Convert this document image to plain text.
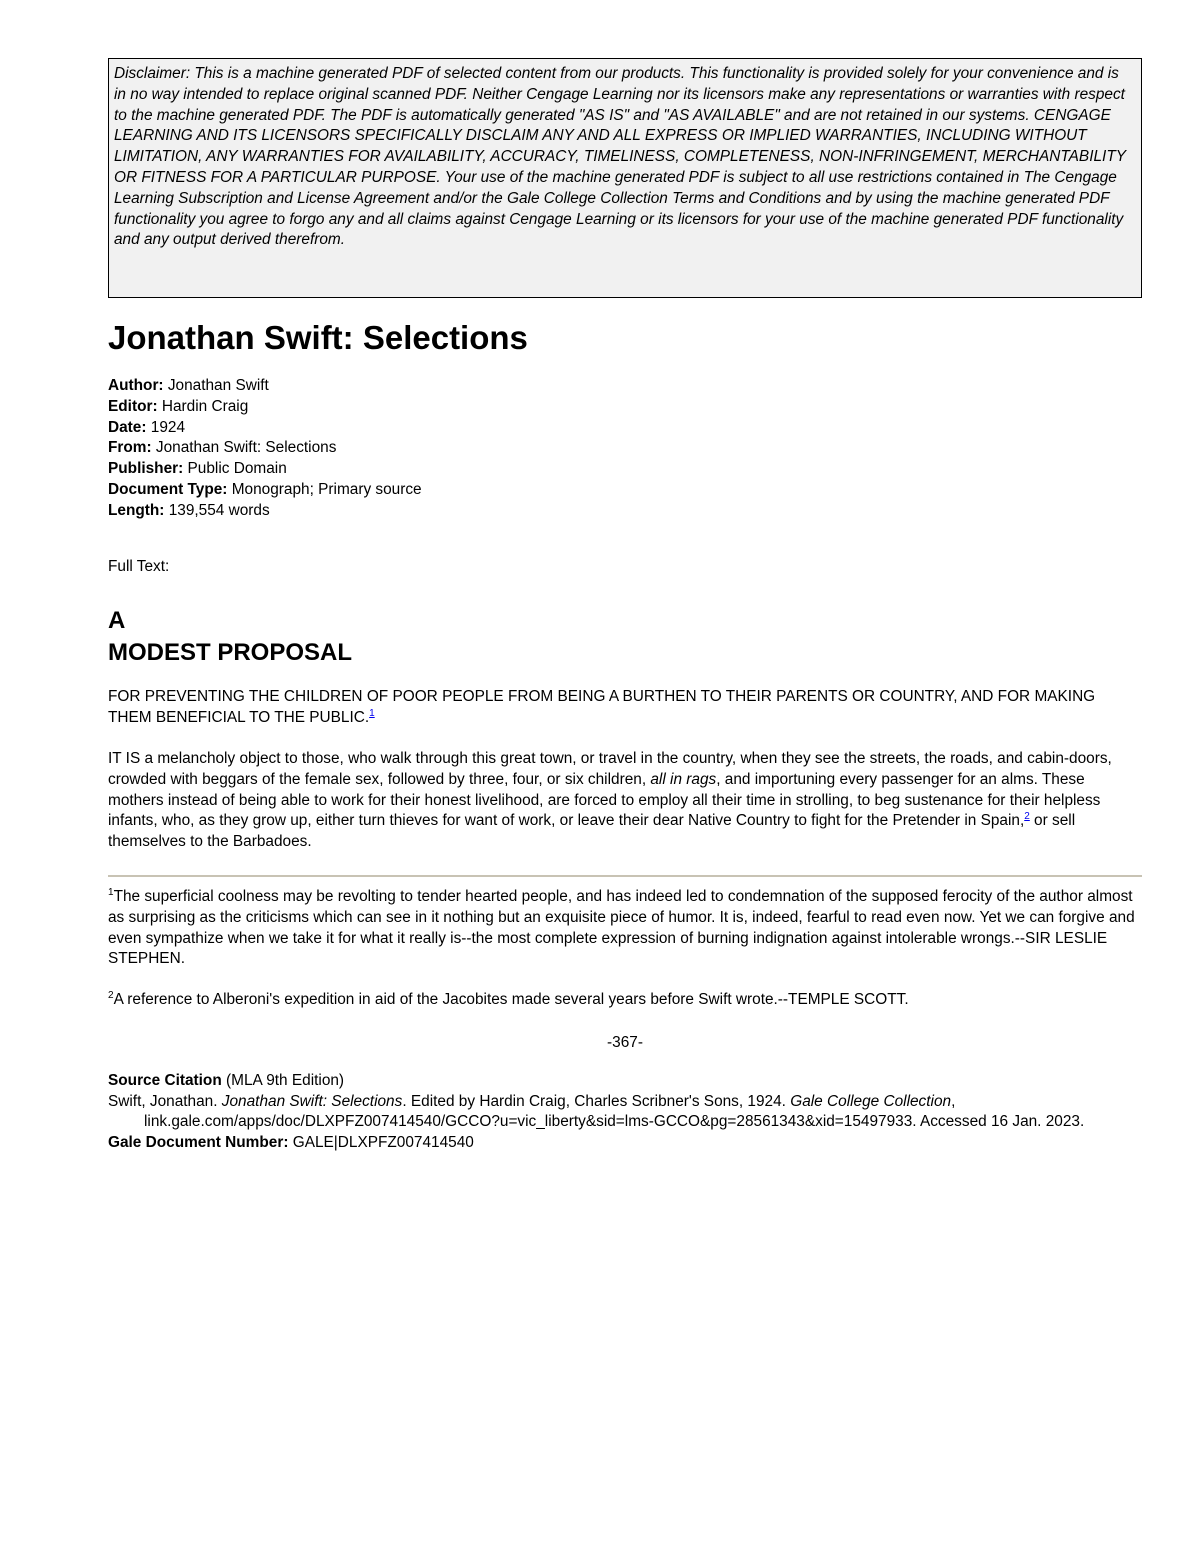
Disclaimer: This is a machine generated PDF of selected content from our products. This functionality is provided solely for your convenience and is in no way intended to replace original scanned PDF. Neither Cengage Learning nor its licensors make any representations or warranties with respect to the machine generated PDF. The PDF is automatically generated "AS IS" and "AS AVAILABLE" and are not retained in our systems. CENGAGE LEARNING AND ITS LICENSORS SPECIFICALLY DISCLAIM ANY AND ALL EXPRESS OR IMPLIED WARRANTIES, INCLUDING WITHOUT LIMITATION, ANY WARRANTIES FOR AVAILABILITY, ACCURACY, TIMELINESS, COMPLETENESS, NON-INFRINGEMENT, MERCHANTABILITY OR FITNESS FOR A PARTICULAR PURPOSE. Your use of the machine generated PDF is subject to all use restrictions contained in The Cengage Learning Subscription and License Agreement and/or the Gale College Collection Terms and Conditions and by using the machine generated PDF functionality you agree to forgo any and all claims against Cengage Learning or its licensors for your use of the machine generated PDF functionality and any output derived therefrom.
Jonathan Swift: Selections
Author: Jonathan Swift
Editor: Hardin Craig
Date: 1924
From: Jonathan Swift: Selections
Publisher: Public Domain
Document Type: Monograph; Primary source
Length: 139,554 words
Full Text:
A
MODEST PROPOSAL
FOR PREVENTING THE CHILDREN OF POOR PEOPLE FROM BEING A BURTHEN TO THEIR PARENTS OR COUNTRY, AND FOR MAKING THEM BENEFICIAL TO THE PUBLIC.$^1$
IT IS a melancholy object to those, who walk through this great town, or travel in the country, when they see the streets, the roads, and cabin-doors, crowded with beggars of the female sex, followed by three, four, or six children, all in rags, and importuning every passenger for an alms. These mothers instead of being able to work for their honest livelihood, are forced to employ all their time in strolling, to beg sustenance for their helpless infants, who, as they grow up, either turn thieves for want of work, or leave their dear Native Country to fight for the Pretender in Spain,$^2$ or sell themselves to the Barbadoes.
$^1$The superficial coolness may be revolting to tender hearted people, and has indeed led to condemnation of the supposed ferocity of the author almost as surprising as the criticisms which can see in it nothing but an exquisite piece of humor. It is, indeed, fearful to read even now. Yet we can forgive and even sympathize when we take it for what it really is--the most complete expression of burning indignation against intolerable wrongs.--SIR LESLIE STEPHEN.
$^2$A reference to Alberoni's expedition in aid of the Jacobites made several years before Swift wrote.--TEMPLE SCOTT.
-367-
Source Citation (MLA 9th Edition)
Swift, Jonathan. Jonathan Swift: Selections. Edited by Hardin Craig, Charles Scribner's Sons, 1924. Gale College Collection, link.gale.com/apps/doc/DLXPFZ007414540/GCCO?u=vic_liberty&sid=lms-GCCO&pg=28561343&xid=15497933. Accessed 16 Jan. 2023.
Gale Document Number: GALE|DLXPFZ007414540
